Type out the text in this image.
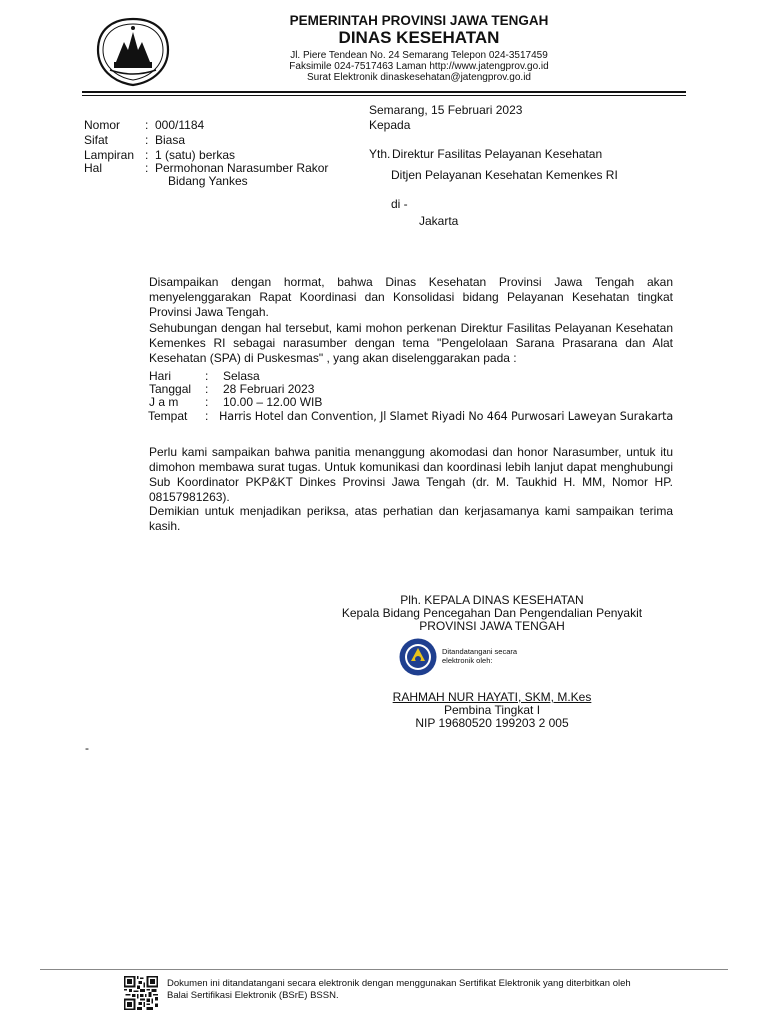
PEMERINTAH PROVINSI JAWA TENGAH
DINAS KESEHATAN
Jl. Piere Tendean No. 24 Semarang Telepon 024-3517459
Faksimile 024-7517463 Laman http://www.jatengprov.go.id
Surat Elektronik dinaskesehatan@jatengprov.go.id
Semarang, 15 Februari 2023
Nomor : 000/1184
Sifat	: Biasa
Lampiran : 1 (satu) berkas
Hal	: Permohonan Narasumber Rakor
Bidang Yankes
Kepada
Yth. Direktur Fasilitas Pelayanan Kesehatan
Ditjen Pelayanan Kesehatan Kemenkes RI
di -
Jakarta
Disampaikan dengan hormat, bahwa Dinas Kesehatan Provinsi Jawa Tengah akan menyelenggarakan Rapat Koordinasi dan Konsolidasi bidang Pelayanan Kesehatan tingkat Provinsi Jawa Tengah.
Sehubungan dengan hal tersebut, kami mohon perkenan Direktur Fasilitas Pelayanan Kesehatan Kemenkes RI sebagai narasumber dengan tema "Pengelolaan Sarana Prasarana dan Alat Kesehatan (SPA) di Puskesmas" , yang akan diselenggarakan pada :
Hari	: Selasa
Tanggal : 28 Februari 2023
J a m : 10.00 – 12.00 WIB
Tempat : Harris Hotel dan Convention, Jl Slamet Riyadi No 464 Purwosari Laweyan Surakarta
Perlu kami sampaikan bahwa panitia menanggung akomodasi dan honor Narasumber, untuk itu dimohon membawa surat tugas. Untuk komunikasi dan koordinasi lebih lanjut dapat menghubungi Sub Koordinator PKP&KT Dinkes Provinsi Jawa Tengah (dr. M. Taukhid H. MM, Nomor HP. 08157981263).
Demikian untuk menjadikan periksa, atas perhatian dan kerjasamanya kami sampaikan terima kasih.
Plh. KEPALA DINAS KESEHATAN
Kepala Bidang Pencegahan Dan Pengendalian Penyakit
PROVINSI JAWA TENGAH
Ditandatangani secara elektronik oleh:
RAHMAH NUR HAYATI, SKM, M.Kes
Pembina Tingkat I
NIP 19680520 199203 2 005
-
Dokumen ini ditandatangani secara elektronik dengan menggunakan Sertifikat Elektronik yang diterbitkan oleh
Balai Sertifikasi Elektronik (BSrE) BSSN.
